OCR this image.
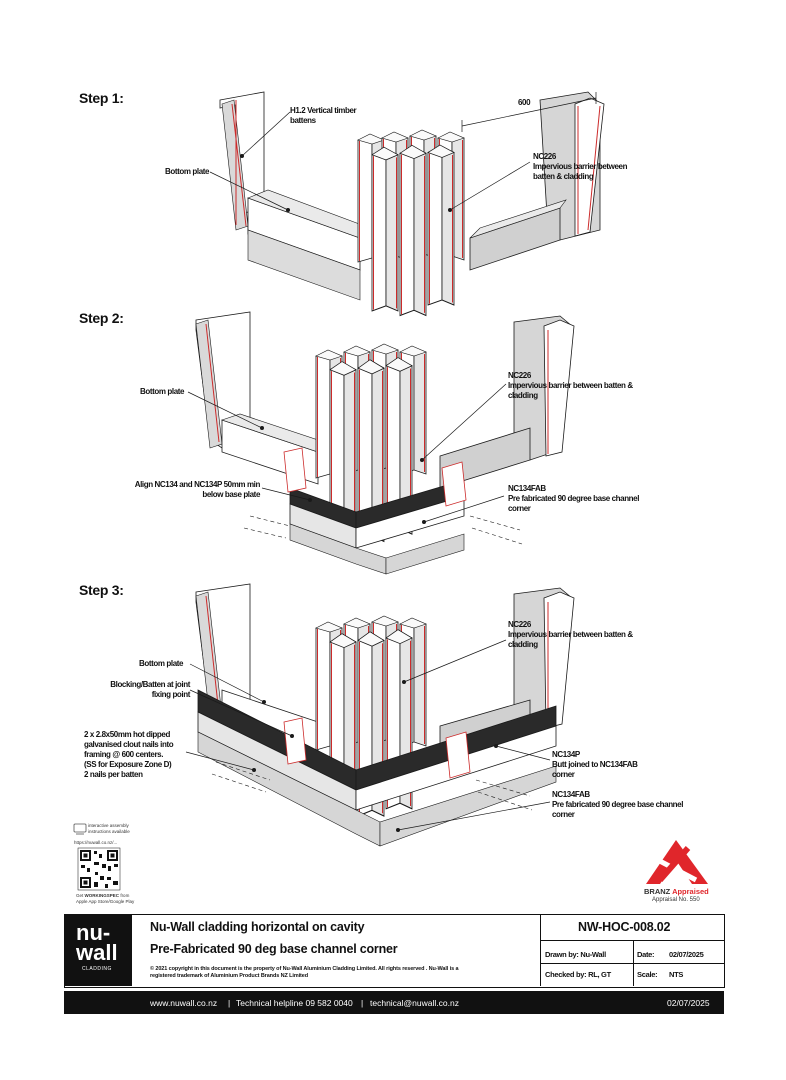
Step 1:
Step 2:
Step 3:
H1.2 Vertical timber
battens
Bottom plate
600
NC226
Impervious barrier between
batten & cladding
Bottom plate
NC226
Impervious barrier between batten &
cladding
Align NC134 and NC134P 50mm min
below base plate
NC134FAB
Pre fabricated 90 degree base channel
corner
NC226
Impervious barrier between batten &
cladding
Bottom plate
Blocking/Batten at joint
fixing point
2 x 2.8x50mm hot dipped
galvanised clout nails into
framing @ 600 centers.
(SS for Exposure Zone D)
2 nails per batten
NC134P
Butt joined to NC134FAB
corner
NC134FAB
Pre fabricated 90 degree base channel
corner
interactive assembly
instructions available
https://nuwall.co.nz/...
Get WORKINGSPEC from
Apple App Store/Google Play
BRANZ Appraised
Appraisal No. 550
nu-
wall
CLADDING
Nu-Wall cladding horizontal on cavity
Pre-Fabricated 90 deg base channel corner
© 2021 copyright in this document is the property of Nu-Wall Aluminium Cladding Limited. All rights reserved . Nu-Wall is a
registered trademark of Aluminium Product Brands NZ Limited
NW-HOC-008.02
Drawn by: Nu-Wall	Date: 02/07/2025
Checked by: RL, GT	Scale: NTS
www.nuwall.co.nz | Technical helpline 09 582 0040 | technical@nuwall.co.nz	02/07/2025
